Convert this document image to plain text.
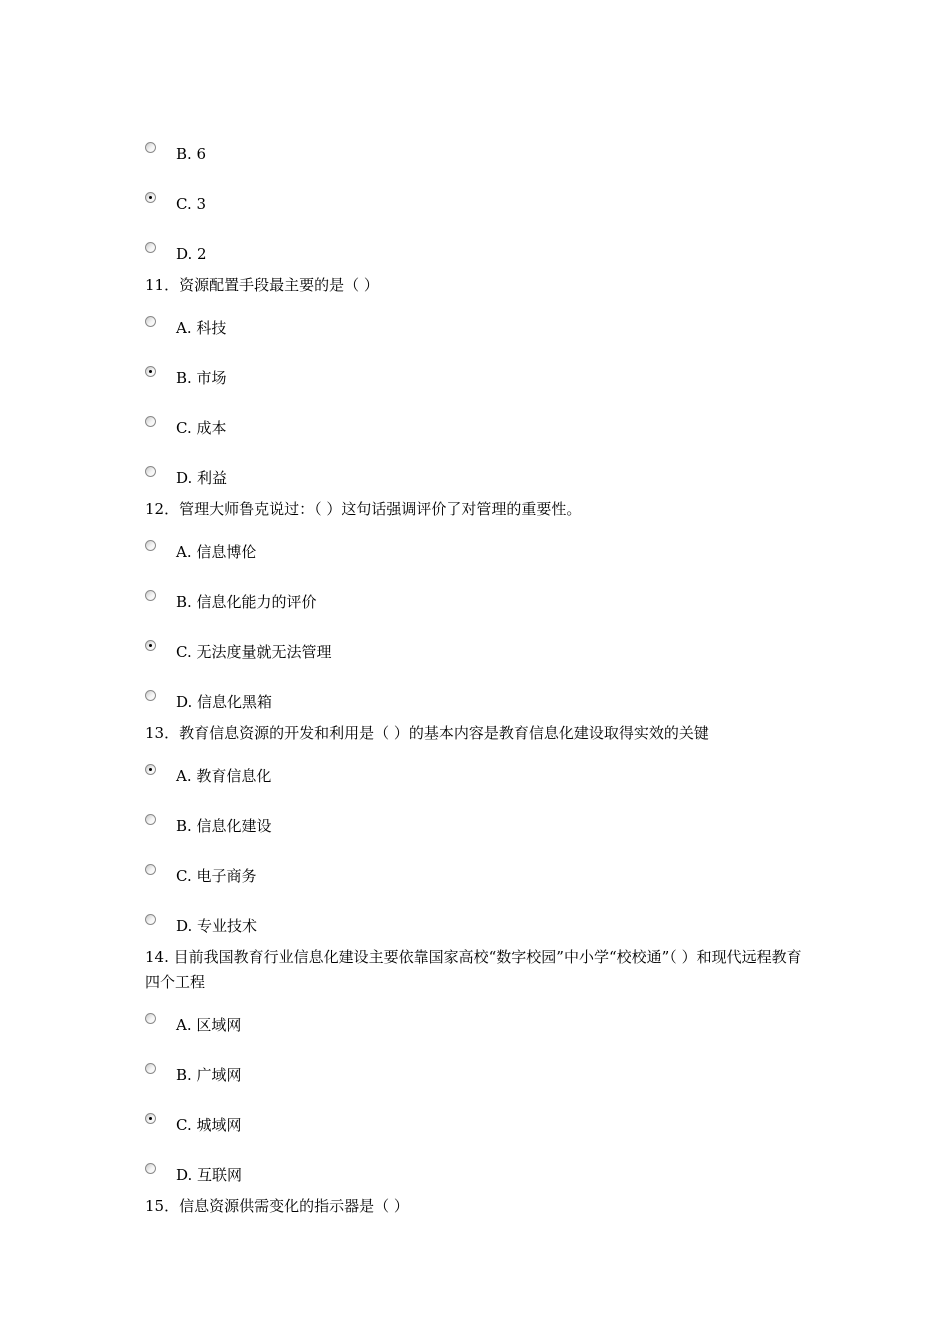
B. 6
C. 3
D. 2
11．资源配置手段最主要的是（ ）
A. 科技
B. 市场
C. 成本
D. 利益
12．管理大师鲁克说过：（ ）这句话强调评价了对管理的重要性。
A. 信息博伦
B. 信息化能力的评价
C. 无法度量就无法管理
D. 信息化黑箱
13．教育信息资源的开发和利用是（ ）的基本内容是教育信息化建设取得实效的关键
A. 教育信息化
B. 信息化建设
C. 电子商务
D. 专业技术
14. 目前我国教育行业信息化建设主要依靠国家高校“数字校园”中小学“校校通”（ ）和现代远程教育四个工程
A. 区域网
B. 广域网
C. 城域网
D. 互联网
15．信息资源供需变化的指示器是（ ）
